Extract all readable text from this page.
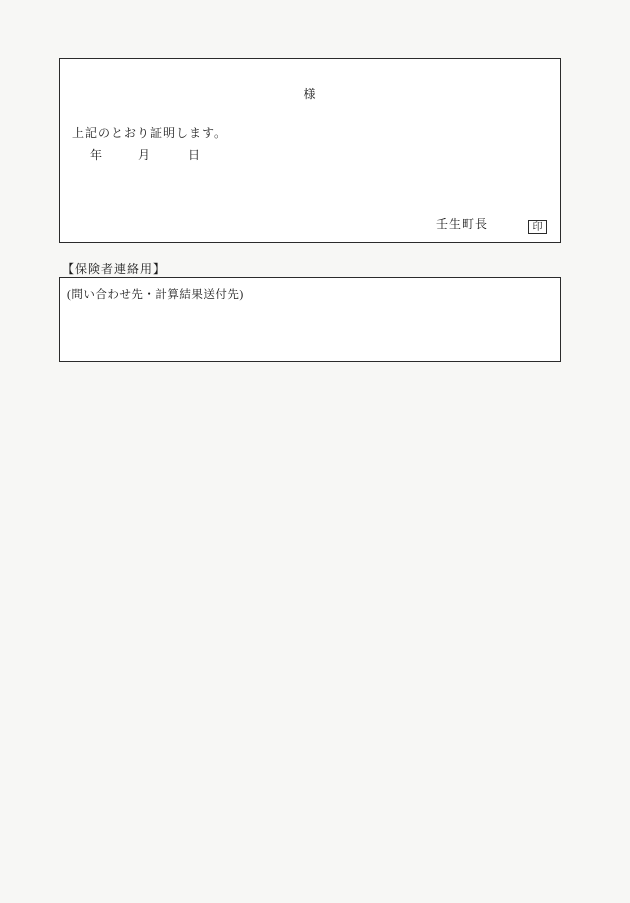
様
上記のとおり証明します。
年	月	日
壬生町長	印
【保険者連絡用】
(問い合わせ先・計算結果送付先)
